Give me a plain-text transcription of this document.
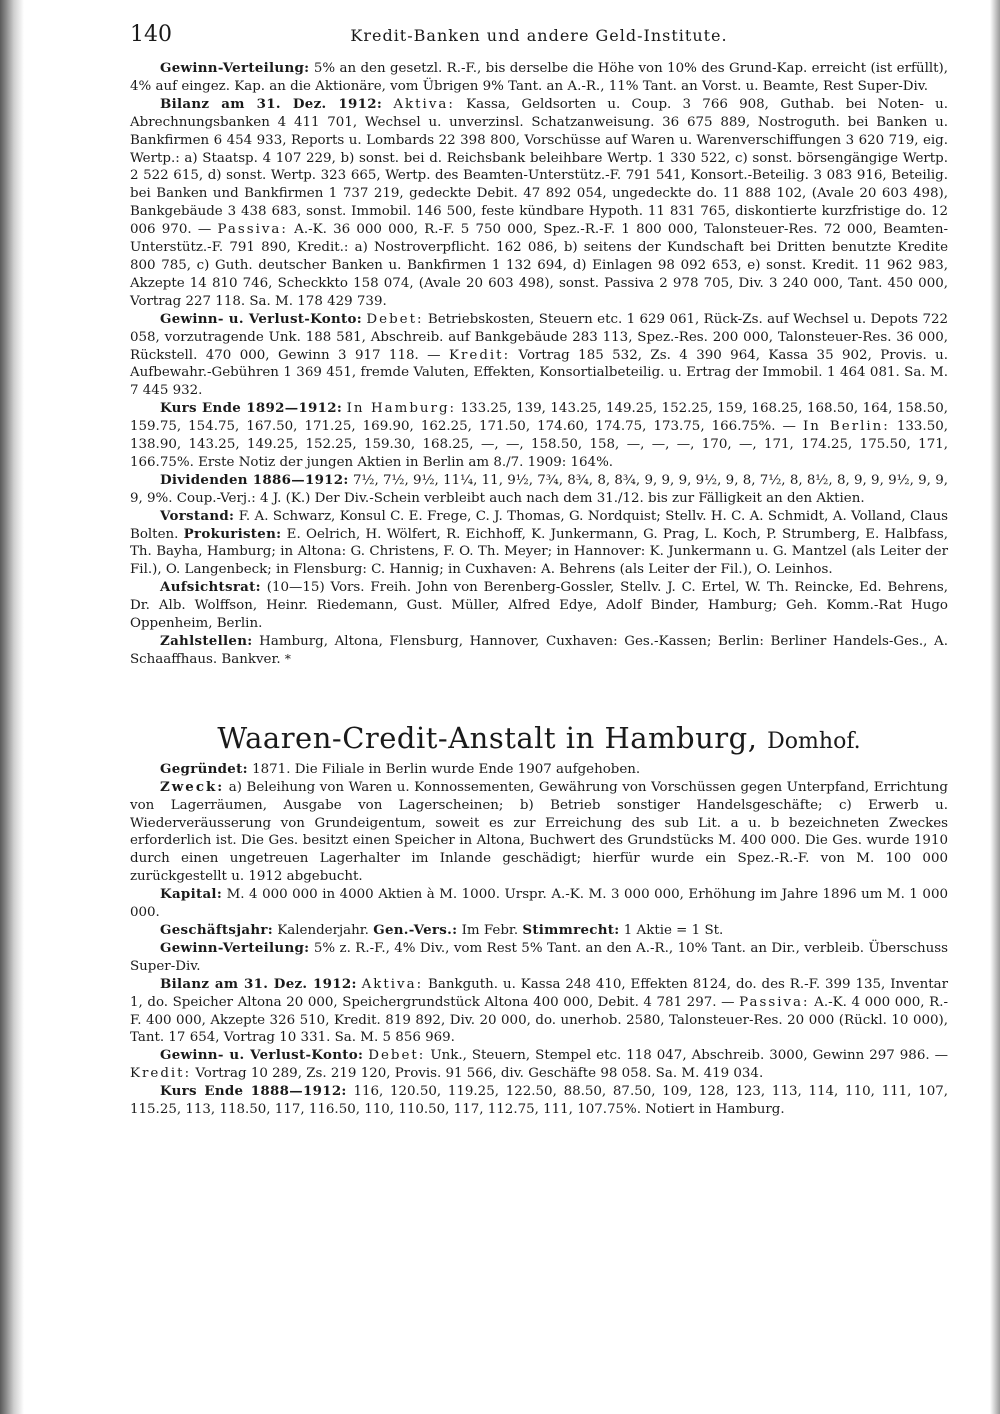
140	Kredit-Banken und andere Geld-Institute.

Gewinn-Verteilung: 5% an den gesetzl. R.-F., bis derselbe die Höhe von 10% des Grund-Kap. erreicht (ist erfüllt), 4% auf eingez. Kap. an die Aktionäre, vom Übrigen 9% Tant. an A.-R., 11% Tant. an Vorst. u. Beamte, Rest Super-Div.

Bilanz am 31. Dez. 1912: Aktiva: Kassa, Geldsorten u. Coup. 3 766 908, Guthab. bei Noten- u. Abrechnungsbanken 4 411 701, Wechsel u. unverzinsl. Schatzanweisung. 36 675 889, Nostroguth. bei Banken u. Bankfirmen 6 454 933, Reports u. Lombards 22 398 800, Vorschüsse auf Waren u. Warenverschiffungen 3 620 719, eig. Wertp.: a) Staatsp. 4 107 229, b) sonst. bei d. Reichsbank beleihbare Wertp. 1 330 522, c) sonst. börsengängige Wertp. 2 522 615, d) sonst. Wertp. 323 665, Wertp. des Beamten-Unterstütz.-F. 791 541, Konsort.-Beteilig. 3 083 916, Beteilig. bei Banken und Bankfirmen 1 737 219, gedeckte Debit. 47 892 054, ungedeckte do. 11 888 102, (Avale 20 603 498), Bankgebäude 3 438 683, sonst. Immobil. 146 500, feste kündbare Hypoth. 11 831 765, diskontierte kurzfristige do. 12 006 970. — Passiva: A.-K. 36 000 000, R.-F. 5 750 000, Spez.-R.-F. 1 800 000, Talonsteuer-Res. 72 000, Beamten-Unterstütz.-F. 791 890, Kredit.: a) Nostroverpflicht. 162 086, b) seitens der Kundschaft bei Dritten benutzte Kredite 800 785, c) Guth. deutscher Banken u. Bankfirmen 1 132 694, d) Einlagen 98 092 653, e) sonst. Kredit. 11 962 983, Akzepte 14 810 746, Scheckkto 158 074, (Avale 20 603 498), sonst. Passiva 2 978 705, Div. 3 240 000, Tant. 450 000, Vortrag 227 118. Sa. M. 178 429 739.

Gewinn- u. Verlust-Konto: Debet: Betriebskosten, Steuern etc. 1 629 061, Rück-Zs. auf Wechsel u. Depots 722 058, vorzutragende Unk. 188 581, Abschreib. auf Bankgebäude 283 113, Spez.-Res. 200 000, Talonsteuer-Res. 36 000, Rückstell. 470 000, Gewinn 3 917 118. — Kredit: Vortrag 185 532, Zs. 4 390 964, Kassa 35 902, Provis. u. Aufbewahr.-Gebühren 1 369 451, fremde Valuten, Effekten, Konsortialbeteilig. u. Ertrag der Immobil. 1 464 081. Sa. M. 7 445 932.

Kurs Ende 1892—1912: In Hamburg: 133.25, 139, 143.25, 149.25, 152.25, 159, 168.25, 168.50, 164, 158.50, 159.75, 154.75, 167.50, 171.25, 169.90, 162.25, 171.50, 174.60, 174.75, 173.75, 166.75%. — In Berlin: 133.50, 138.90, 143.25, 149.25, 152.25, 159.30, 168.25, —, —, 158.50, 158, —, —, —, 170, —, 171, 174.25, 175.50, 171, 166.75%. Erste Notiz der jungen Aktien in Berlin am 8./7. 1909: 164%.

Dividenden 1886—1912: 7½, 7½, 9½, 11¼, 11, 9½, 7¾, 8¾, 8, 8¾, 9, 9, 9, 9½, 9, 8, 7½, 8, 8½, 8, 9, 9, 9½, 9, 9, 9, 9%. Coup.-Verj.: 4 J. (K.) Der Div.-Schein verbleibt auch nach dem 31./12. bis zur Fälligkeit an den Aktien.

Vorstand: F. A. Schwarz, Konsul C. E. Frege, C. J. Thomas, G. Nordquist; Stellv. H. C. A. Schmidt, A. Volland, Claus Bolten. Prokuristen: E. Oelrich, H. Wölfert, R. Eichhoff, K. Junkermann, G. Prag, L. Koch, P. Strumberg, E. Halbfass, Th. Bayha, Hamburg; in Altona: G. Christens, F. O. Th. Meyer; in Hannover: K. Junkermann u. G. Mantzel (als Leiter der Fil.), O. Langenbeck; in Flensburg: C. Hannig; in Cuxhaven: A. Behrens (als Leiter der Fil.), O. Leinhos.

Aufsichtsrat: (10—15) Vors. Freih. John von Berenberg-Gossler, Stellv. J. C. Ertel, W. Th. Reincke, Ed. Behrens, Dr. Alb. Wolffson, Heinr. Riedemann, Gust. Müller, Alfred Edye, Adolf Binder, Hamburg; Geh. Komm.-Rat Hugo Oppenheim, Berlin.

Zahlstellen: Hamburg, Altona, Flensburg, Hannover, Cuxhaven: Ges.-Kassen; Berlin: Berliner Handels-Ges., A. Schaaffhaus. Bankver. *

Waaren-Credit-Anstalt in Hamburg, Domhof.

Gegründet: 1871. Die Filiale in Berlin wurde Ende 1907 aufgehoben.

Zweck: a) Beleihung von Waren u. Konnossementen, Gewährung von Vorschüssen gegen Unterpfand, Errichtung von Lagerräumen, Ausgabe von Lagerscheinen; b) Betrieb sonstiger Handelsgeschäfte; c) Erwerb u. Wiederveräusserung von Grundeigentum, soweit es zur Erreichung des sub Lit. a u. b bezeichneten Zweckes erforderlich ist. Die Ges. besitzt einen Speicher in Altona, Buchwert des Grundstücks M. 400 000. Die Ges. wurde 1910 durch einen ungetreuen Lagerhalter im Inlande geschädigt; hierfür wurde ein Spez.-R.-F. von M. 100 000 zurückgestellt u. 1912 abgebucht.

Kapital: M. 4 000 000 in 4000 Aktien à M. 1000. Urspr. A.-K. M. 3 000 000, Erhöhung im Jahre 1896 um M. 1 000 000.

Geschäftsjahr: Kalenderjahr. Gen.-Vers.: Im Febr. Stimmrecht: 1 Aktie = 1 St.

Gewinn-Verteilung: 5% z. R.-F., 4% Div., vom Rest 5% Tant. an den A.-R., 10% Tant. an Dir., verbleib. Überschuss Super-Div.

Bilanz am 31. Dez. 1912: Aktiva: Bankguth. u. Kassa 248 410, Effekten 8124, do. des R.-F. 399 135, Inventar 1, do. Speicher Altona 20 000, Speichergrundstück Altona 400 000, Debit. 4 781 297. — Passiva: A.-K. 4 000 000, R.-F. 400 000, Akzepte 326 510, Kredit. 819 892, Div. 20 000, do. unerhob. 2580, Talonsteuer-Res. 20 000 (Rückl. 10 000), Tant. 17 654, Vortrag 10 331. Sa. M. 5 856 969.

Gewinn- u. Verlust-Konto: Debet: Unk., Steuern, Stempel etc. 118 047, Abschreib. 3000, Gewinn 297 986. — Kredit: Vortrag 10 289, Zs. 219 120, Provis. 91 566, div. Geschäfte 98 058. Sa. M. 419 034.

Kurs Ende 1888—1912: 116, 120.50, 119.25, 122.50, 88.50, 87.50, 109, 128, 123, 113, 114, 110, 111, 107, 115.25, 113, 118.50, 117, 116.50, 110, 110.50, 117, 112.75, 111, 107.75%. Notiert in Hamburg.
